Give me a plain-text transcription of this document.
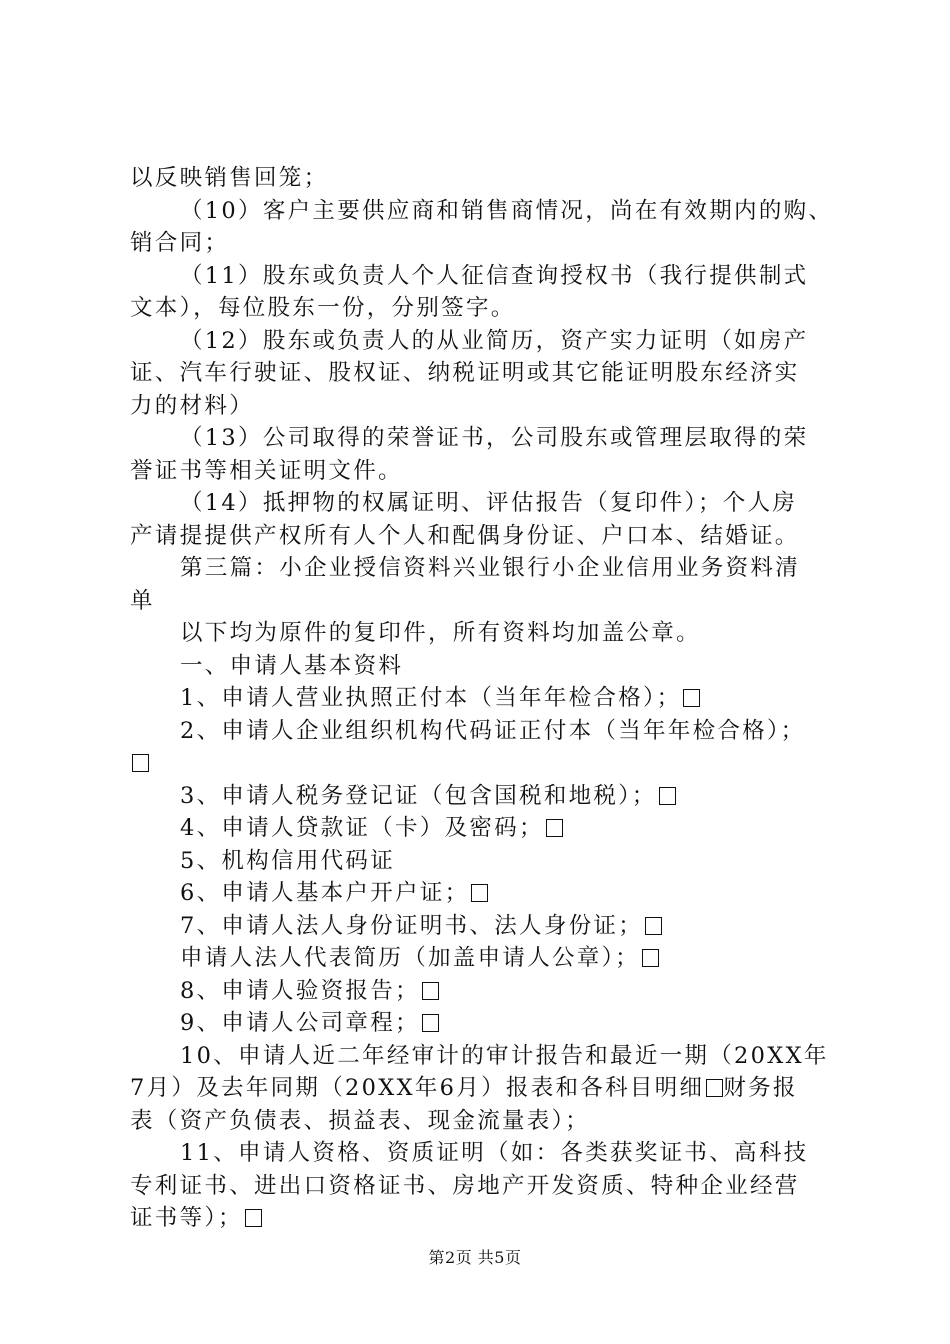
以反映销售回笼；
（10）客户主要供应商和销售商情况，尚在有效期内的购、
销合同；
（11）股东或负责人个人征信查询授权书（我行提供制式
文本），每位股东一份，分别签字。
（12）股东或负责人的从业简历，资产实力证明（如房产
证、汽车行驶证、股权证、纳税证明或其它能证明股东经济实
力的材料）
（13）公司取得的荣誉证书，公司股东或管理层取得的荣
誉证书等相关证明文件。
（14）抵押物的权属证明、评估报告（复印件）；个人房
产请提提供产权所有人个人和配偶身份证、户口本、结婚证。
第三篇：小企业授信资料兴业银行小企业信用业务资料清
单
以下均为原件的复印件，所有资料均加盖公章。
一、申请人基本资料
1、申请人营业执照正付本（当年年检合格）；
2、申请人企业组织机构代码证正付本（当年年检合格）；
3、申请人税务登记证（包含国税和地税）；
4、申请人贷款证（卡）及密码；
5、机构信用代码证
6、申请人基本户开户证；
7、申请人法人身份证明书、法人身份证；
申请人法人代表简历（加盖申请人公章）；
8、申请人验资报告；
9、申请人公司章程；
10、申请人近二年经审计的审计报告和最近一期（20XX年
7月）及去年同期（20XX年6月）报表和各科目明细 财务报
表（资产负债表、损益表、现金流量表）；
11、申请人资格、资质证明（如：各类获奖证书、高科技
专利证书、进出口资格证书、房地产开发资质、特种企业经营
证书等）；
第2页 共5页
